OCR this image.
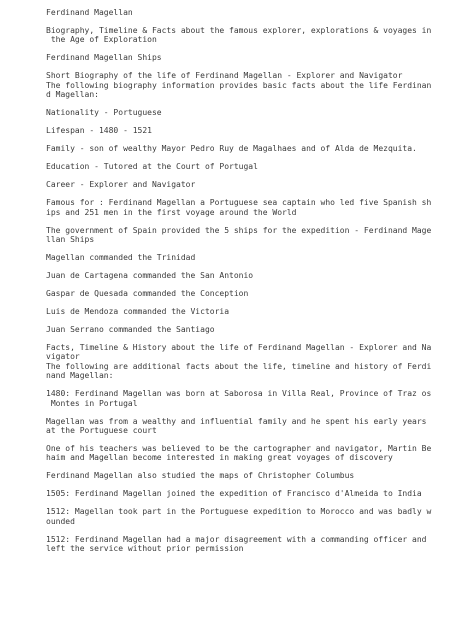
Ferdinand Magellan
Biography, Timeline & Facts about the famous explorer, explorations & voyages in
the Age of Exploration
Ferdinand Magellan Ships
Short Biography of the life of Ferdinand Magellan - Explorer and Navigator
The following biography information provides basic facts about the life Ferdinan
d Magellan:
Nationality - Portuguese
Lifespan - 1480 - 1521
Family - son of wealthy Mayor Pedro Ruy de Magalhaes and of Alda de Mezquita.
Education - Tutored at the Court of Portugal
Career - Explorer and Navigator
Famous for : Ferdinand Magellan a Portuguese sea captain who led five Spanish sh
ips and 251 men in the first voyage around the World
The government of Spain provided the 5 ships for the expedition - Ferdinand Mage
llan Ships
Magellan commanded the Trinidad
Juan de Cartagena commanded the San Antonio
Gaspar de Quesada commanded the Conception
Luis de Mendoza commanded the Victoria
Juan Serrano commanded the Santiago
Facts, Timeline & History about the life of Ferdinand Magellan - Explorer and Na
vigator
The following are additional facts about the life, timeline and history of Ferdi
nand Magellan:
1480: Ferdinand Magellan was born at Saborosa in Villa Real, Province of Traz os
Montes in Portugal
Magellan was from a wealthy and influential family and he spent his early years
at the Portuguese court
One of his teachers was believed to be the cartographer and navigator, Martin Be
haim and Magellan become interested in making great voyages of discovery
Ferdinand Magellan also studied the maps of Christopher Columbus
1505: Ferdinand Magellan joined the expedition of Francisco d'Almeida to India
1512: Magellan took part in the Portuguese expedition to Morocco and was badly w
ounded
1512: Ferdinand Magellan had a major disagreement with a commanding officer and
left the service without prior permission
